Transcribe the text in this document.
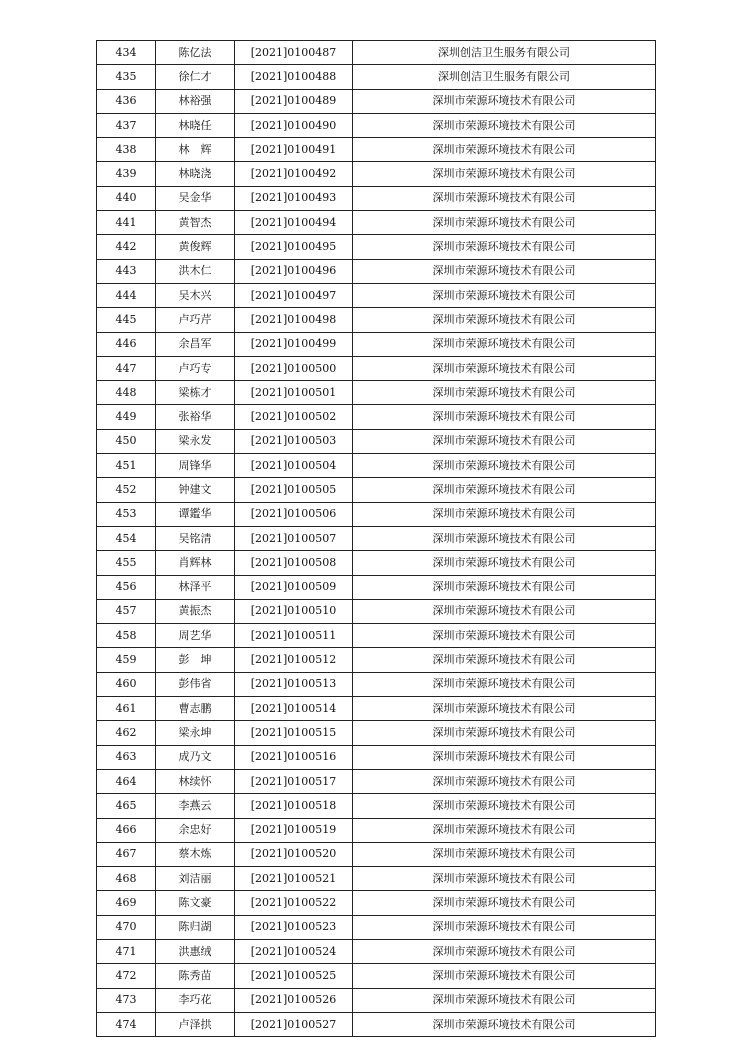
434	陈亿法	[2021]0100487	深圳创洁卫生服务有限公司
435	徐仁才	[2021]0100488	深圳创洁卫生服务有限公司
436	林裕强	[2021]0100489	深圳市荣源环境技术有限公司
437	林晓任	[2021]0100490	深圳市荣源环境技术有限公司
438	林　辉	[2021]0100491	深圳市荣源环境技术有限公司
439	林晓浇	[2021]0100492	深圳市荣源环境技术有限公司
440	吴金华	[2021]0100493	深圳市荣源环境技术有限公司
441	黄智杰	[2021]0100494	深圳市荣源环境技术有限公司
442	黄俊辉	[2021]0100495	深圳市荣源环境技术有限公司
443	洪木仁	[2021]0100496	深圳市荣源环境技术有限公司
444	吴木兴	[2021]0100497	深圳市荣源环境技术有限公司
445	卢巧芹	[2021]0100498	深圳市荣源环境技术有限公司
446	余昌军	[2021]0100499	深圳市荣源环境技术有限公司
447	卢巧专	[2021]0100500	深圳市荣源环境技术有限公司
448	梁栋才	[2021]0100501	深圳市荣源环境技术有限公司
449	张裕华	[2021]0100502	深圳市荣源环境技术有限公司
450	梁永发	[2021]0100503	深圳市荣源环境技术有限公司
451	周锋华	[2021]0100504	深圳市荣源环境技术有限公司
452	钟建文	[2021]0100505	深圳市荣源环境技术有限公司
453	谭鑑华	[2021]0100506	深圳市荣源环境技术有限公司
454	吴铭清	[2021]0100507	深圳市荣源环境技术有限公司
455	肖辉林	[2021]0100508	深圳市荣源环境技术有限公司
456	林泽平	[2021]0100509	深圳市荣源环境技术有限公司
457	黄振杰	[2021]0100510	深圳市荣源环境技术有限公司
458	周艺华	[2021]0100511	深圳市荣源环境技术有限公司
459	彭　坤	[2021]0100512	深圳市荣源环境技术有限公司
460	彭伟省	[2021]0100513	深圳市荣源环境技术有限公司
461	曹志鹏	[2021]0100514	深圳市荣源环境技术有限公司
462	梁永坤	[2021]0100515	深圳市荣源环境技术有限公司
463	成乃文	[2021]0100516	深圳市荣源环境技术有限公司
464	林续怀	[2021]0100517	深圳市荣源环境技术有限公司
465	李燕云	[2021]0100518	深圳市荣源环境技术有限公司
466	余忠好	[2021]0100519	深圳市荣源环境技术有限公司
467	蔡木炼	[2021]0100520	深圳市荣源环境技术有限公司
468	刘洁丽	[2021]0100521	深圳市荣源环境技术有限公司
469	陈文豪	[2021]0100522	深圳市荣源环境技术有限公司
470	陈归湖	[2021]0100523	深圳市荣源环境技术有限公司
471	洪惠绒	[2021]0100524	深圳市荣源环境技术有限公司
472	陈秀苗	[2021]0100525	深圳市荣源环境技术有限公司
473	李巧花	[2021]0100526	深圳市荣源环境技术有限公司
474	卢泽拱	[2021]0100527	深圳市荣源环境技术有限公司
